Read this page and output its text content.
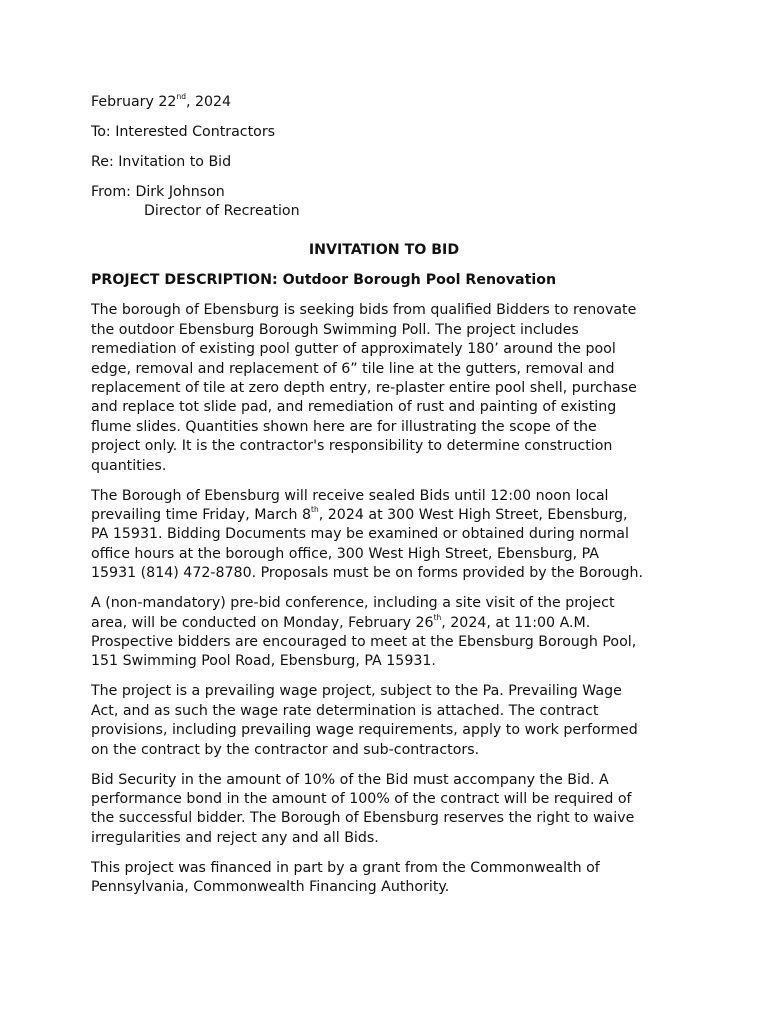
February 22nd, 2024

To: Interested Contractors

Re: Invitation to Bid

From: Dirk Johnson

Director of Recreation

INVITATION TO BID

PROJECT DESCRIPTION: Outdoor Borough Pool Renovation

The borough of Ebensburg is seeking bids from qualified Bidders to renovate
the outdoor Ebensburg Borough Swimming Poll. The project includes
remediation of existing pool gutter of approximately 180’ around the pool
edge, removal and replacement of 6” tile line at the gutters, removal and
replacement of tile at zero depth entry, re-plaster entire pool shell, purchase
and replace tot slide pad, and remediation of rust and painting of existing
flume slides. Quantities shown here are for illustrating the scope of the
project only. It is the contractor's responsibility to determine construction
quantities.
The Borough of Ebensburg will receive sealed Bids until 12:00 noon local
prevailing time Friday, March 8th, 2024 at 300 West High Street, Ebensburg,
PA 15931. Bidding Documents may be examined or obtained during normal
office hours at the borough office, 300 West High Street, Ebensburg, PA
15931 (814) 472-8780. Proposals must be on forms provided by the Borough.
A (non-mandatory) pre-bid conference, including a site visit of the project
area, will be conducted on Monday, February 26th, 2024, at 11:00 A.M.
Prospective bidders are encouraged to meet at the Ebensburg Borough Pool,
151 Swimming Pool Road, Ebensburg, PA 15931.
The project is a prevailing wage project, subject to the Pa. Prevailing Wage
Act, and as such the wage rate determination is attached. The contract
provisions, including prevailing wage requirements, apply to work performed
on the contract by the contractor and sub-contractors.
Bid Security in the amount of 10% of the Bid must accompany the Bid. A
performance bond in the amount of 100% of the contract will be required of
the successful bidder. The Borough of Ebensburg reserves the right to waive
irregularities and reject any and all Bids.
This project was financed in part by a grant from the Commonwealth of
Pennsylvania, Commonwealth Financing Authority.
